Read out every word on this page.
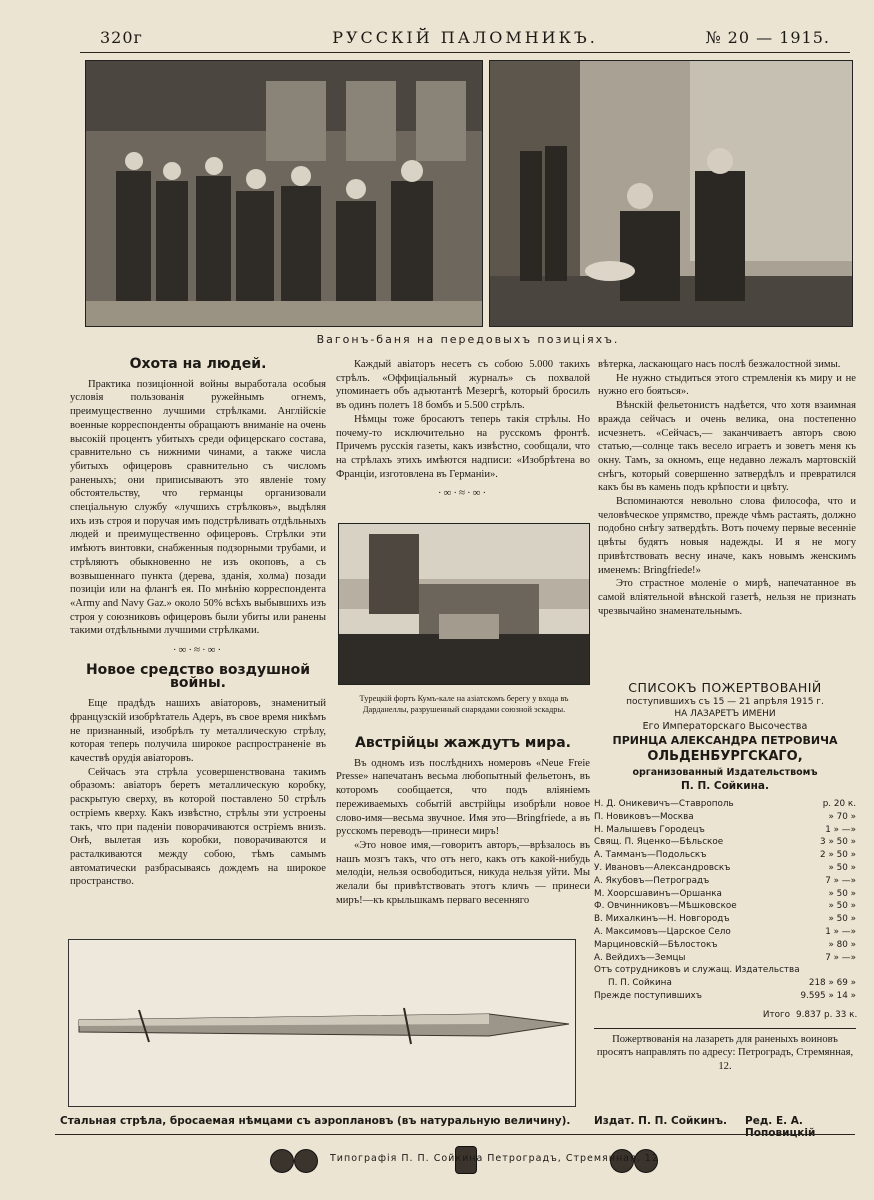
320г	РУССКІЙ ПАЛОМНИКЪ.	№ 20 — 1915.
Вагонъ-баня на передовыхъ позиціяхъ.
Охота на людей.

Практика позиціонной войны выработала особыя условія пользованія ружейнымъ огнемъ, преимущественно лучшими стрѣлками. Англійскіе военные корреспонденты обращаютъ вниманіе на очень высокій процентъ убитыхъ среди офицерскаго состава, сравнительно съ нижними чинами, а также числа убитыхъ офицеровъ сравнительно съ числомъ раненыхъ; они приписываютъ это явленіе тому обстоятельству, что германцы организовали спеціальную службу «лучшихъ стрѣлковъ», выдѣляя ихъ изъ строя и поручая имъ подстрѣливать отдѣльныхъ людей и преимущественно офицеровъ. Стрѣлки эти имѣютъ винтовки, снабженныя подзорными трубами, и стрѣляютъ обыкновенно не изъ окоповъ, а съ возвышеннаго пункта (дерева, зданія, холма) позади позиціи или на флангѣ ея. По мнѣнію корреспондента «Army and Navy Gaz.» около 50% всѣхъ выбывшихъ изъ строя у союзниковъ офицеровъ были убиты или ранены такими отдѣльными лучшими стрѣлками.

·∞·≈·∞·
Новое средство воздушной войны.

Еще прадѣдъ нашихъ авіаторовъ, знаменитый французскій изобрѣтатель Адеръ, въ свое время никѣмъ не признанный, изобрѣлъ ту металлическую стрѣлу, которая теперь получила широкое распространеніе въ качествѣ орудія авіаторовъ.

Сейчасъ эта стрѣла усовершенствована такимъ образомъ: авіаторъ беретъ металлическую коробку, раскрытую сверху, въ которой поставлено 50 стрѣлъ остріемъ кверху. Какъ извѣстно, стрѣлы эти устроены такъ, что при паденіи поворачиваются остріемъ внизъ. Онѣ, вылетая изъ коробки, поворачиваются и расталкиваются между собою, тѣмъ самымъ автоматически разбрасываясь дождемъ на широкое пространство.

Каждый авіаторъ несетъ съ собою 5.000 такихъ стрѣлъ. «Оффиціальный журналъ» съ похвалой упоминаетъ объ адъютантѣ Мезергѣ, который бросилъ въ одинъ полетъ 18 бомбъ и 5.500 стрѣлъ.

Нѣмцы тоже бросаютъ теперь такія стрѣлы. Но почему-то исключительно на русскомъ фронтѣ. Причемъ русскія газеты, какъ извѣстно, сообщали, что на стрѣлахъ этихъ имѣются надписи: «Изобрѣтена во Франціи, изготовлена въ Германіи».

·∞·≈·∞·
Турецкій фортъ Кумъ-кале на азіатскомъ берегу у входа въ Дарданеллы, разрушенный снарядами союзной эскадры.
Австрійцы жаждутъ мира.

Въ одномъ изъ послѣднихъ номеровъ «Neue Freie Presse» напечатанъ весьма любопытный фельетонъ, въ которомъ сообщается, что подъ вліяніемъ переживаемыхъ событій австрійцы изобрѣли новое слово-имя—весьма звучное. Имя это—Bringfriede, а въ русскомъ переводъ—принеси миръ!

«Это новое имя,—говоритъ авторъ,—врѣзалось въ нашъ мозгъ такъ, что отъ него, какъ отъ какой-нибудь мелодіи, нельзя освободиться, никуда нельзя уйти. Мы желали бы привѣтствовать этотъ кличъ — принеси миръ!—къ крыльшкамъ перваго весенняго

вѣтерка, ласкающаго насъ послѣ безжалостной зимы.

Не нужно стыдиться этого стремленія къ миру и не нужно его бояться».

Вѣнскій фельетонистъ надѣется, что хотя взаимная вражда сейчасъ и очень велика, она постепенно исчезнетъ. «Сейчасъ,— заканчиваетъ авторъ свою статью,—солнце такъ весело играетъ и зоветъ меня къ окну. Тамъ, за окномъ, еще недавно лежалъ мартовскій снѣгъ, который совершенно затвердѣлъ и превратился какъ бы въ камень подъ крѣпости и цвѣту.

Вспоминаются невольно слова философа, что и человѣческое упрямство, прежде чѣмъ растаять, должно подобно снѣгу затвердѣть. Вотъ почему первые весенніе цвѣты будятъ новыя надежды. И я не могу привѣтствовать весну иначе, какъ новымъ женскимъ именемъ: Bringfriede!»

Это страстное моленіе о мирѣ, напечатанное въ самой вліятельной вѣнской газетѣ, нельзя не признать чрезвычайно знаменательнымъ.

СПИСОКЪ ПОЖЕРТВОВАНІЙ
поступившихъ съ 15 — 21 апрѣля 1915 г.
НА ЛАЗАРЕТЪ ИМЕНИ
Его Императорскаго Высочества
ПРИНЦА АЛЕКСАНДРА ПЕТРОВИЧА
ОЛЬДЕНБУРГСКАГО,
организованный Издательствомъ
П. П. Сойкина.
Н. Д. Оникевичъ—Ставрополь	р. 20 к.
П. Новиковъ—Москва	» 70 »
Н. Малышевъ Городецъ	1 » —»
Свящ. П. Яценко—Бѣльское	3 » 50 »
А. Тамманъ—Подольскъ	2 » 50 »
У. Ивановъ—Александровскъ	» 50 »
А. Якубовъ—Петроградъ	7 » —»
М. Хоорсшавинъ—Оршанка	» 50 »
Ф. Овчинниковъ—Мѣшковское	» 50 »
В. Михалкинъ—Н. Новгородъ	» 50 »
А. Максимовъ—Царское Село	1 » —»
Марциновскій—Бѣлостокъ	» 80 »
А. Вейдихъ—Земцы	7 » —»
Отъ сотрудниковъ и служащ. Издательства
П. П. Сойкина	218 » 69 »
Прежде поступившихъ	9.595 » 14 »
Итого 9.837 р. 33 к.
Пожертвованія на лазареть для раненыхъ воиновъ просятъ направлять по адресу: Петроградъ, Стремянная, 12.
Стальная стрѣла, бросаемая нѣмцами съ аэроплановъ (въ натуральную величину).	Издат. П. П. Сойкинъ. Ред. Е. А. Поповицкій
Типографія П. П. Сойкина Петроградъ, Стремянная, 12
